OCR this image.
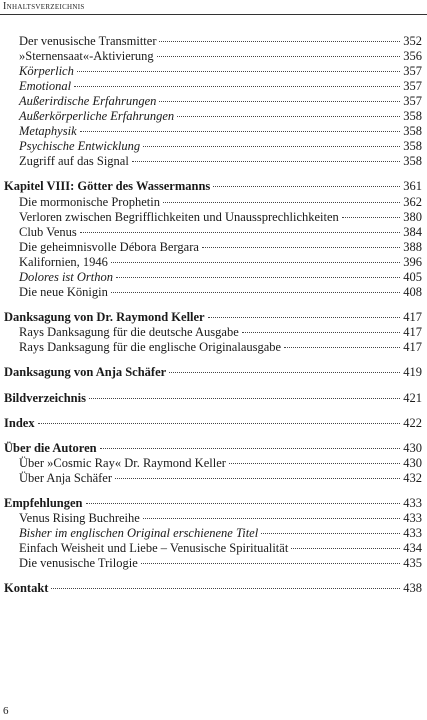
Inhaltsverzeichnis
Der venusische Transmitter	352
»Sternensaat«-Aktivierung	356
Körperlich	357
Emotional	357
Außerirdische Erfahrungen	357
Außerkörperliche Erfahrungen	358
Metaphysik	358
Psychische Entwicklung	358
Zugriff auf das Signal	358
Kapitel VIII: Götter des Wassermanns	361
Die mormonische Prophetin	362
Verloren zwischen Begrifflichkeiten und Unaussprechlichkeiten	380
Club Venus	384
Die geheimnisvolle Débora Bergara	388
Kalifornien, 1946	396
Dolores ist Orthon	405
Die neue Königin	408
Danksagung von Dr. Raymond Keller	417
Rays Danksagung für die deutsche Ausgabe	417
Rays Danksagung für die englische Originalausgabe	417
Danksagung von Anja Schäfer	419
Bildverzeichnis	421
Index	422
Über die Autoren	430
Über »Cosmic Ray« Dr. Raymond Keller	430
Über Anja Schäfer	432
Empfehlungen	433
Venus Rising Buchreihe	433
Bisher im englischen Original erschienene Titel	433
Einfach Weisheit und Liebe – Venusische Spiritualität	434
Die venusische Trilogie	435
Kontakt	438
6
